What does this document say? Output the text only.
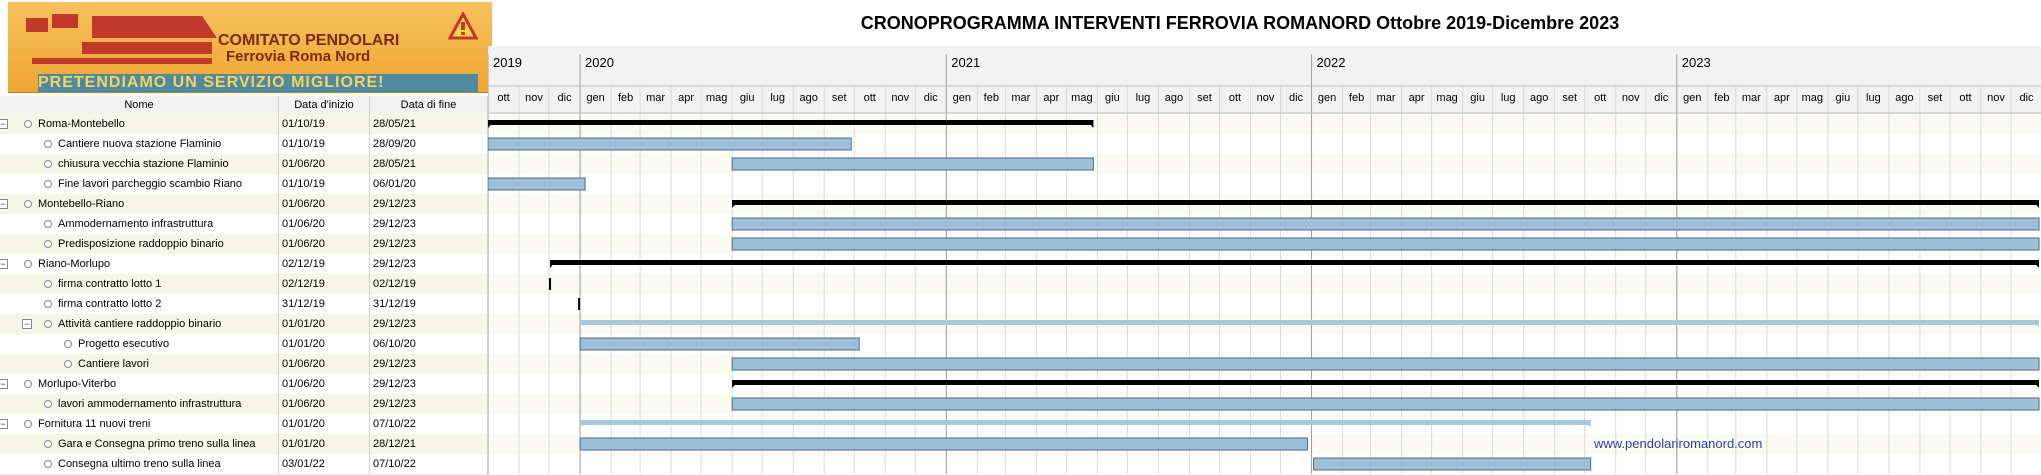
COMITATO PENDOLARI
Ferrovia Roma Nord
PRETENDIAMO UN SERVIZIO MIGLIORE!
CRONOPROGRAMMA INTERVENTI FERROVIA ROMANORD Ottobre 2019-Dicembre 2023
Nome	Data d'inizio	Data di fine
−	Roma-Montebello	01/10/19	28/05/21
Cantiere nuova stazione Flaminio	01/10/19	28/09/20
chiusura vecchia stazione Flaminio	01/06/20	28/05/21
Fine lavori parcheggio scambio Riano	01/10/19	06/01/20
−	Montebello-Riano	01/06/20	29/12/23
Ammodernamento infrastruttura	01/06/20	29/12/23
Predisposizione raddoppio binario	01/06/20	29/12/23
−	Riano-Morlupo	02/12/19	29/12/23
firma contratto lotto 1	02/12/19	02/12/19
firma contratto lotto 2	31/12/19	31/12/19
−	Attività cantiere raddoppio binario	01/01/20	29/12/23
Progetto esecutivo	01/01/20	06/10/20
Cantiere lavori	01/06/20	29/12/23
−	Morlupo-Viterbo	01/06/20	29/12/23
lavori ammodernamento infrastruttura	01/06/20	29/12/23
−	Fornitura 11 nuovi treni	01/01/20	07/10/22
Gara e Consegna primo treno sulla linea 01/01/20	28/12/21
Consegna ultimo treno sulla linea	03/01/22	07/10/22
ott nov dic gen feb mar apr mag giu lug ago set ott nov dic gen feb mar apr mag giu lug ago set ott nov dic gen feb mar apr mag giu lug ago set ott nov dic gen feb mar apr mag giu lug ago set ott nov dic
2019	2020	2021	2022	2023
www.pendolariromanord.com
